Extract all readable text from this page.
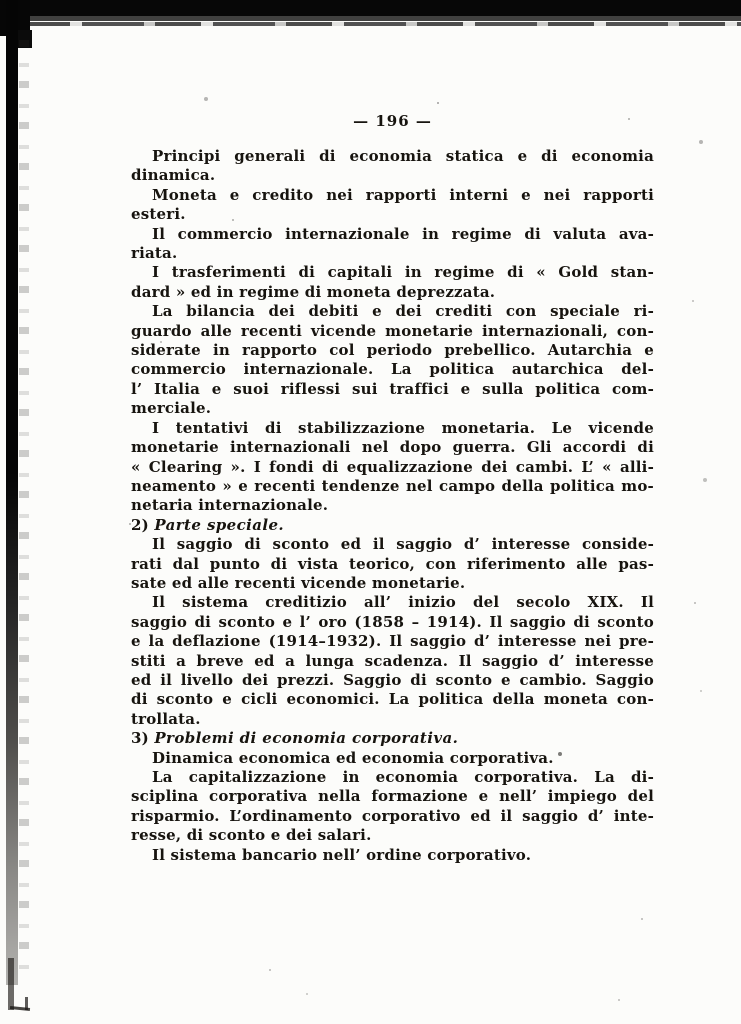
— 196 —

Principi generali di economia statica e di economia
dinamica.

Moneta e credito nei rapporti interni e nei rapporti
esteri.

Il commercio internazionale in regime di valuta ava-
riata.

I trasferimenti di capitali in regime di « Gold stan-
dard » ed in regime di moneta deprezzata.

La bilancia dei debiti e dei crediti con speciale ri-
guardo alle recenti vicende monetarie internazionali, con-
siderate in rapporto col periodo prebellico. Autarchia e
commercio internazionale. La politica autarchica del-
l’ Italia e suoi riflessi sui traffici e sulla politica com-
merciale.

I tentativi di stabilizzazione monetaria. Le vicende
monetarie internazionali nel dopo guerra. Gli accordi di
« Clearing ». I fondi di equalizzazione dei cambi. L’ « alli-
neamento » e recenti tendenze nel campo della politica mo-
netaria internazionale.

2) Parte speciale.

Il saggio di sconto ed il saggio d’ interesse conside-
rati dal punto di vista teorico, con riferimento alle pas-
sate ed alle recenti vicende monetarie.

Il sistema creditizio all’ inizio del secolo XIX. Il
saggio di sconto e l’ oro (1858 – 1914). Il saggio di sconto
e la deflazione (1914–1932). Il saggio d’ interesse nei pre-
stiti a breve ed a lunga scadenza. Il saggio d’ interesse
ed il livello dei prezzi. Saggio di sconto e cambio. Saggio
di sconto e cicli economici. La politica della moneta con-
trollata.

3) Problemi di economia corporativa.

Dinamica economica ed economia corporativa.

La capitalizzazione in economia corporativa. La di-
sciplina corporativa nella formazione e nell’ impiego del
risparmio. L’ordinamento corporativo ed il saggio d’ inte-
resse, di sconto e dei salari.

Il sistema bancario nell’ ordine corporativo.
